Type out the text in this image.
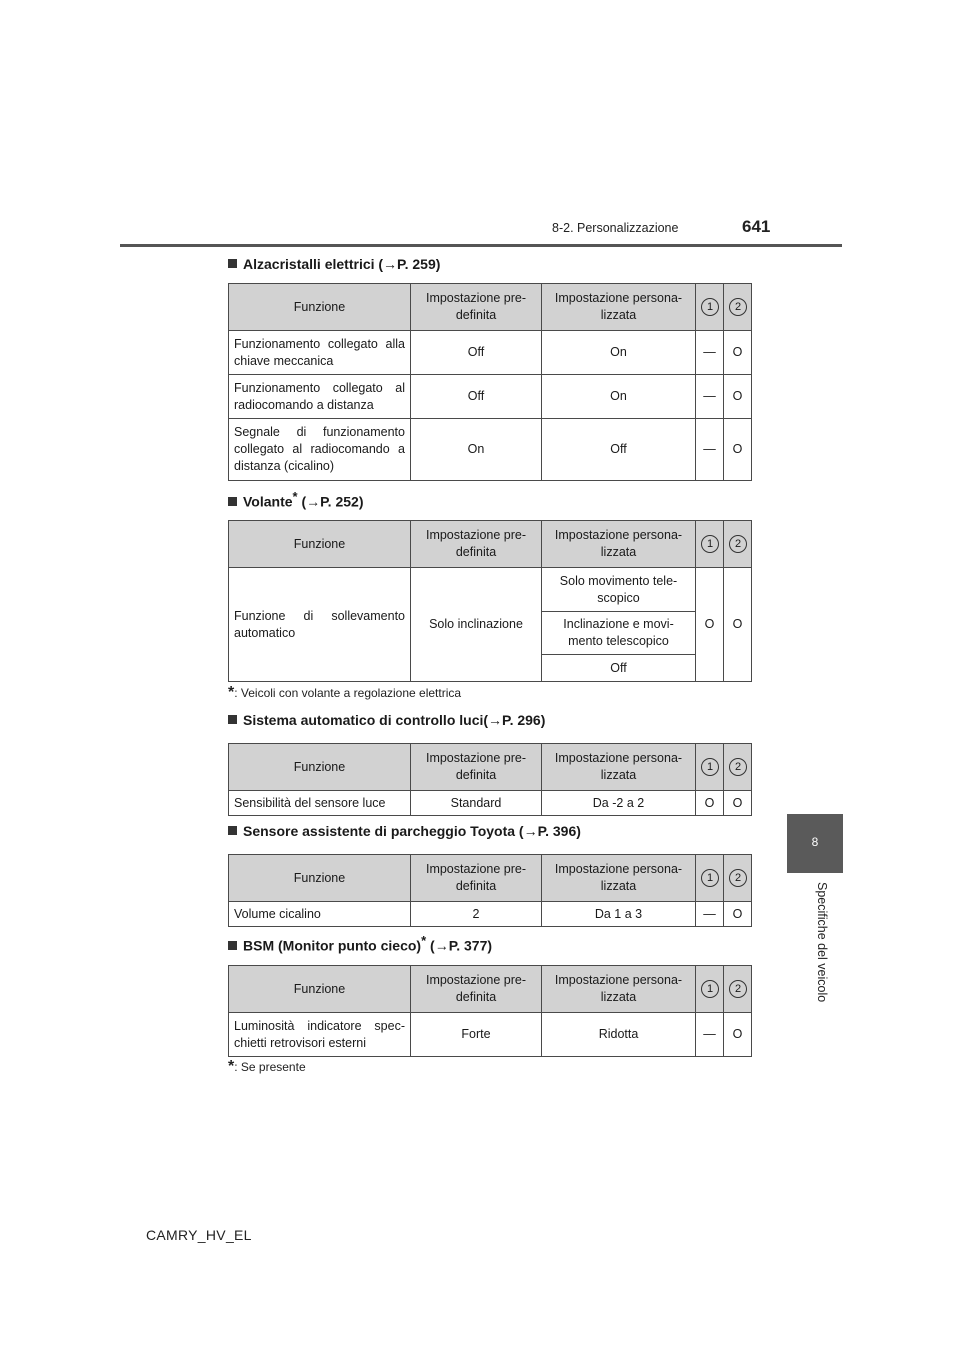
8-2. Personalizzazione	641
8
Specifiche del veicolo
Alzacristalli elettrici (→P. 259)
Funzione	Impostazione pre-definita	Impostazione persona-lizzata	1	2
Funzionamento collegato alla chiave meccanica	Off	On	—	O
Funzionamento collegato al radiocomando a distanza	Off	On	—	O
Segnale di funzionamento collegato al radiocomando a distanza (cicalino)	On	Off	—	O
Volante* (→P. 252)
Funzione	Impostazione pre-definita	Impostazione persona-lizzata	1	2
Funzione di sollevamento automatico	Solo inclinazione	Solo movimento tele-scopico	O	O
		Inclinazione e movi-mento telescopico		
		Off		
*: Veicoli con volante a regolazione elettrica
Sistema automatico di controllo luci(→P. 296)
Funzione	Impostazione pre-definita	Impostazione persona-lizzata	1	2
Sensibilità del sensore luce	Standard	Da -2 a 2	O	O
Sensore assistente di parcheggio Toyota (→P. 396)
Funzione	Impostazione pre-definita	Impostazione persona-lizzata	1	2
Volume cicalino	2	Da 1 a 3	—	O
BSM (Monitor punto cieco)* (→P. 377)
Funzione	Impostazione pre-definita	Impostazione persona-lizzata	1	2
Luminosità indicatore spec-chietti retrovisori esterni	Forte	Ridotta	—	O
*: Se presente
CAMRY_HV_EL
